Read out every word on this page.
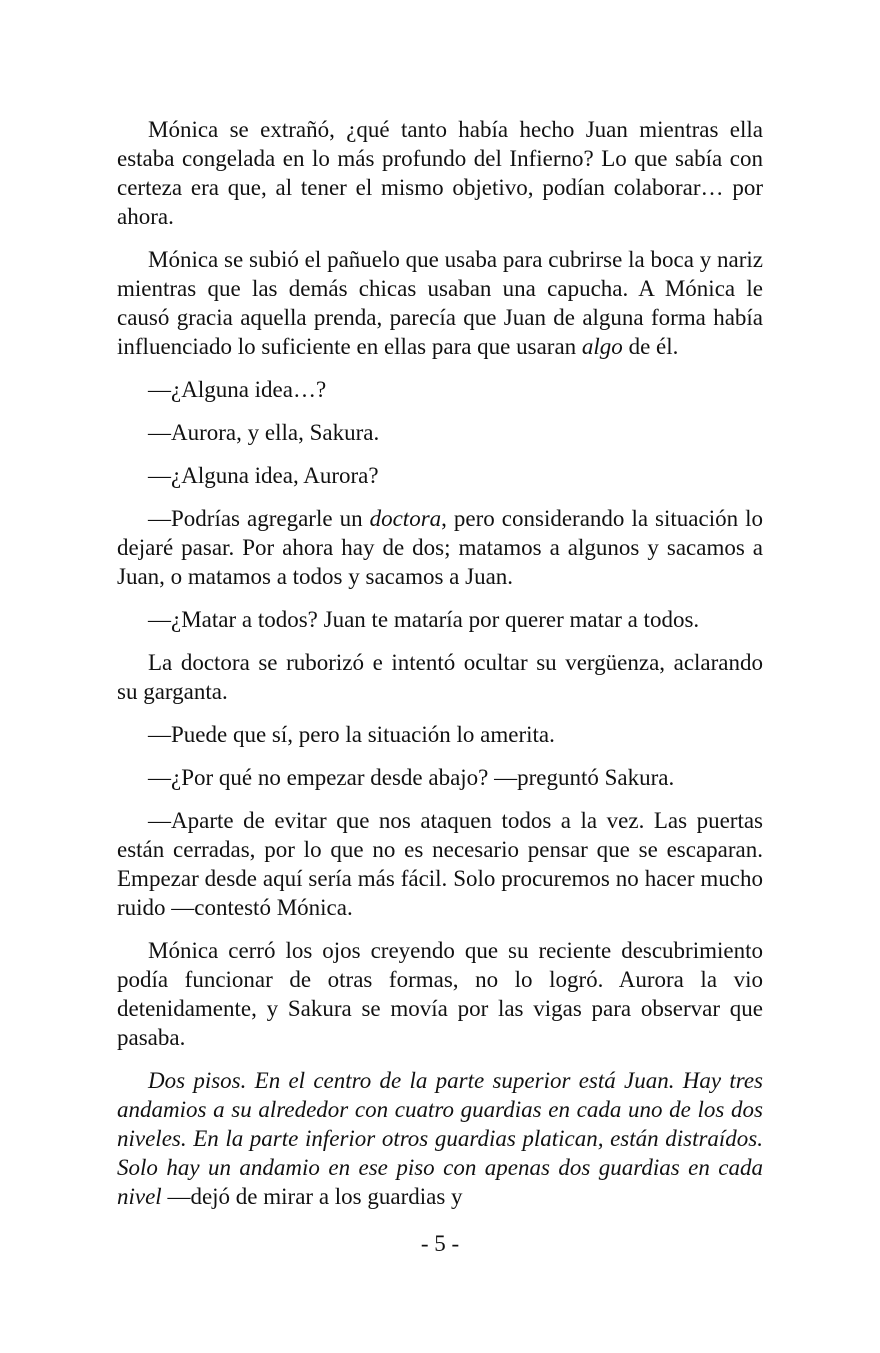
Mónica se extrañó, ¿qué tanto había hecho Juan mientras ella estaba congelada en lo más profundo del Infierno? Lo que sabía con certeza era que, al tener el mismo objetivo, podían colaborar… por ahora.

Mónica se subió el pañuelo que usaba para cubrirse la boca y nariz mientras que las demás chicas usaban una capucha. A Mónica le causó gracia aquella prenda, parecía que Juan de alguna forma había influenciado lo suficiente en ellas para que usaran algo de él.

—¿Alguna idea…?

—Aurora, y ella, Sakura.

—¿Alguna idea, Aurora?

—Podrías agregarle un doctora, pero considerando la situación lo dejaré pasar. Por ahora hay de dos; matamos a algunos y sacamos a Juan, o matamos a todos y sacamos a Juan.

—¿Matar a todos? Juan te mataría por querer matar a todos.

La doctora se ruborizó e intentó ocultar su vergüenza, aclarando su garganta.

—Puede que sí, pero la situación lo amerita.

—¿Por qué no empezar desde abajo? —preguntó Sakura.

—Aparte de evitar que nos ataquen todos a la vez. Las puertas están cerradas, por lo que no es necesario pensar que se escaparan. Empezar desde aquí sería más fácil. Solo procuremos no hacer mucho ruido —contestó Mónica.

Mónica cerró los ojos creyendo que su reciente descubrimiento podía funcionar de otras formas, no lo logró. Aurora la vio detenidamente, y Sakura se movía por las vigas para observar que pasaba.

Dos pisos. En el centro de la parte superior está Juan. Hay tres andamios a su alrededor con cuatro guardias en cada uno de los dos niveles. En la parte inferior otros guardias platican, están distraídos. Solo hay un andamio en ese piso con apenas dos guardias en cada nivel —dejó de mirar a los guardias y

- 5 -
